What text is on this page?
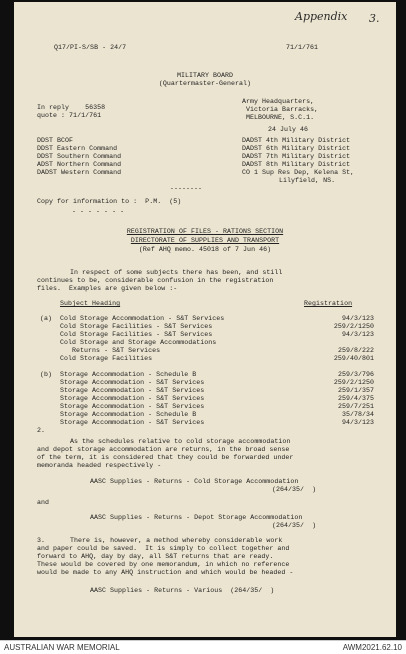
Appendix 3.
Q17/PI-S/SB - 24/7	71/1/761
MILITARY BOARD
(Quartermaster-General)
In reply    56358
quote : 71/1/761
Army Headquarters,
Victoria Barracks,
MELBOURNE, S.C.1.
24 July 46
DDST BCOF
DDST Eastern Command
DDST Southern Command
ADST Northern Command
DADST Western Command
DADST 4th Military District
DADST 6th Military District
DADST 7th Military District
DADST 8th Military District
CO 1 Sup Res Dep, Kelena St,
Lilyfield, NS.
--------
Copy for information to :  P.M.  (5)
- - - - - - -
REGISTRATION OF FILES - RATIONS SECTION
DIRECTORATE OF SUPPLIES AND TRANSPORT
(Ref AHQ memo. 45018 of 7 Jun 46)
In respect of some subjects there has been, and still
continues to be, considerable confusion in the registration
files.  Examples are given below :-
Subject Heading	Registration
(a) Cold Storage Accommodation - S&T Services	94/3/123
Cold Storage Facilities - S&T Services	259/2/1250
Cold Storage Facilities - S&T Services	94/3/123
Cold Storage and Storage Accommodations
Returns - S&T Services	259/8/222
Cold Storage Facilities	259/40/801
(b) Storage Accommodation - Schedule B	259/3/796
Storage Accommodation - S&T Services	259/2/1250
Storage Accommodation - S&T Services	259/1/357
Storage Accommodation - S&T Services	259/4/375
Storage Accommodation - S&T Services	259/7/251
Storage Accommodation - Schedule B	35/78/34
Storage Accommodation - S&T Services	94/3/123
2.
As the schedules relative to cold storage accommodation
and depot storage accommodation are returns, in the broad sense
of the term, it is considered that they could be forwarded under
memoranda headed respectively -
AASC Supplies - Returns - Cold Storage Accommodation
(264/35/  )
and
AASC Supplies - Returns - Depot Storage Accommodation
(264/35/  )
3.	There is, however, a method whereby considerable work
and paper could be saved.  It is simply to collect together and
forward to AHQ, day by day, all S&T returns that are ready.
These would be covered by one memorandum, in which no reference
would be made to any AHQ instruction and which would be headed -
AASC Supplies - Returns - Various  (264/35/  )
AUSTRALIAN WAR MEMORIAL	AWM2021.62.10
